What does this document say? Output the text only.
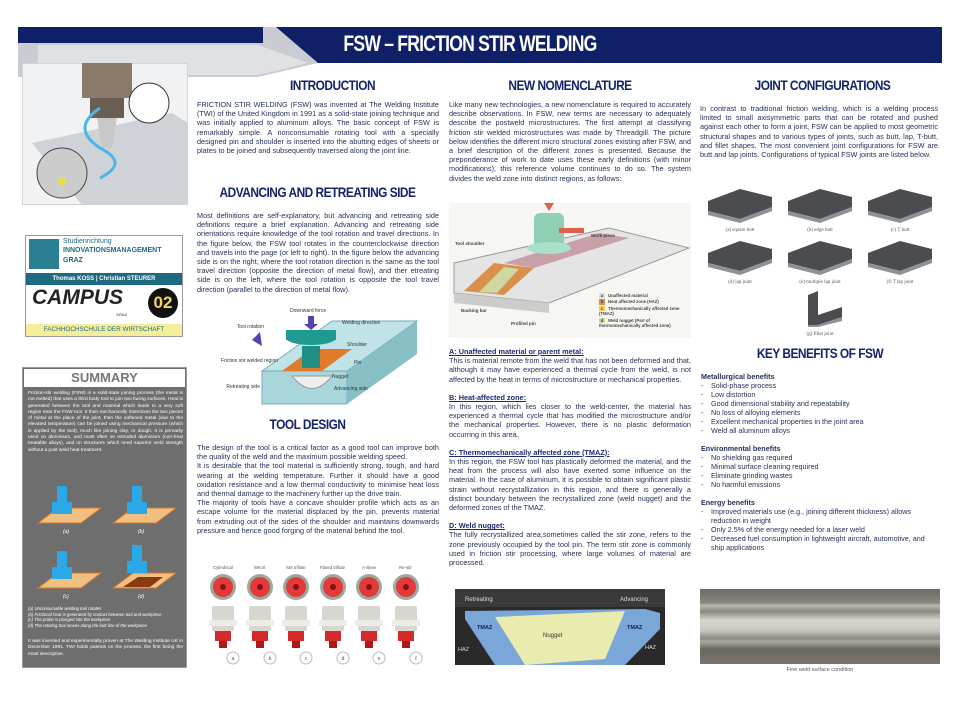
FSW – FRICTION STIR WELDING
Studienrichtung
INNOVATIONSMANAGEMENT
GRAZ
Thomas KOSS | Christian STEURER
CAMPUS
GRAZ
02
FACHHOCHSCHULE DER WIRTSCHAFT
SUMMARY
Friction-stir welding (FSW) is a solid-state joining process (the metal is not melted) that uses a third body tool to join two facing surfaces. Heat is generated between the tool and material which leads to a very soft region near the FSW tool. It then mechanically intermixes the two pieces of metal at the place of the joint, then the softened metal (due to the elevated temperature) can be joined using mechanical pressure (which is applied by the tool), much like joining clay, or dough. It is primarily used on aluminium, and most often on extruded aluminium (non-heat treatable alloys), and on structures which need superior weld strength without a post weld heat treatment.
(a)	(b)
(c)	(d)
(a) Unconsumable welding tool rotates
(b) Frictional heat is generated by contact between tool and workpiece
(c) The probe is plunged into the workpiece
(d) The rotating tool moves along the butt line of the workpiece
It was invented and experimentally proven at The Welding Institute UK in December 1991. TWI holds patents on the process, the first being the most descriptive.
INTRODUCTION
FRICTION STIR WELDING (FSW) was invented at The Welding Institute (TWI) of the United Kingdom in 1991 as a solid-state joining technique and was initially applied to aluminum alloys. The basic concept of FSW is remarkably simple. A nonconsumable rotating tool with a specially designed pin and shoulder is inserted into the abutting edges of sheets or plates to be joined and subsequently traversed along the joint line.
ADVANCING AND RETREATING SIDE
Most definitions are self-explanatory, but advancing and retreating side definitions require a brief explanation. Advancing and retreating side orientations require knowledge of the tool rotation and travel directions. In the figure below, the FSW tool rotates in the counterclockwise direction and travels into the page (or left to right). In the figure below the advancing side is on the right, where the tool rotation direction is the same as the tool travel direction (opposite the direction of metal flow), and ther etreating side is on the left, where the tool rotation is opposite the tool travel direction (parallel to the direction of metal flow).
Downward force
Welding direction
Tool rotation
Shoulder
Friction stir welded region	Pin
Nugget
Retreating side	Advancing side
TOOL DESIGN
The design of the tool is a critical factor as a good tool can improve both the quality of the weld and the maximum possible welding speed.
It is desirable that the tool material is sufficiently strong, tough, and hard wearing at the welding temperature. Further it should have a good oxidation resistance and a low thermal conductivity to minimise heat loss and thermal damage to the machinery further up the drive train.
The majority of tools have a concave shoulder profile which acts as an escape volume for the material displaced by the pin, prevents material from extruding out of the sides of the shoulder and maintains downwards pressure and hence good forging of the material behind the tool.
Cylindrical
a
Whorl
b
MX triflute
c
Flared triflute
d
A-skew
e
Re-stir
f
NEW NOMENCLATURE
Like many new technologies, a new nomenclature is required to accurately describe observations. In FSW, new terms are necessary to adequately describe the postweld microstructures. The first attempt at classifying friction stir welded microstructures was made by Threadgill. The picture below identifies the different micro structural zones existing after FSW, and a brief description of the different zones is presented. Because the preponderance of work to date uses these early definitions (with minor modifications), this reference volume continues to do so. The system divides the weld zone into distinct regions, as follows:
Tool shoulder
Work piece
Backing bar
Profiled pin
a Unaffected material
b Heat affected zone (HAZ)
c Thermomechanically affected zone (TMAZ)
d Weld nugget (Part of thermomechanically affected zone)
A: Unaffected material or parent metal:
This is material remote from the weld that has not been deformed and that, although it may have experienced a thermal cycle from the weld, is not affected by the heat in terms of microstructure or mechanical properties.
B: Heat-affected zone:
In this region, which lies closer to the weld-center, the material has experienced a thermal cycle that has modified the microstructure and/or the mechanical properties. However, there is no plastic deformation occurring in this area.
C: Thermomechanically affected zone (TMAZ):
In this region, the FSW tool has plastically deformed the material, and the heat from the process will also have exerted some influence on the material. In the case of aluminum, it is possible to obtain significant plastic strain without recrystallization in this region, and there is generally a distinct boundary between the recrystallized zone (weld nugget) and the deformed zones of the TMAZ.
D: Weld nugget:
The fully recrystallized area,sometimes called the stir zone, refers to the zone previously occupied by the tool pin. The term stir zone is commonly used in friction stir processing, where large volumes of material are processed.
Retreating	Advancing
TMAZ	TMAZ
Nugget
HAZ	HAZ
JOINT CONFIGURATIONS
In contrast to traditional friction welding, which is a welding process limited to small axisymmetric parts that can be rotated and pushed against each other to form a joint, FSW can be applied to most geometric structural shapes and to various types of joints, such as butt, lap, T-butt, and fillet shapes. The most convenient joint configurations for FSW are butt and lap joints. Configurations of typical FSW joints are listed below.
(a) square butt	(b) edge butt	(c) T butt
(d) lap joint	(e) multiple lap joint	(f) T lap joint
(g) fillet joint
KEY BENEFITS OF FSW
Metallurgical benefits
- Solid-phase process
- Low distortion
- Good dimensional stability and repeatability
- No loss of alloying elements
- Excellent mechanical properties in the joint area
- Weld all aluminum alloys
Environmental benefits
- No shielding gas required
- Minimal surface cleaning required
- Eliminate grinding wastes
- No harmful emissions
Energy benefits
- Improved materials use (e.g., joining different thickness) allows reduction in weight
- Only 2.5% of the energy needed for a laser weld
- Decreased fuel consumption in lightweight aircraft, automotive, and ship applications
Fine weld surface condition
